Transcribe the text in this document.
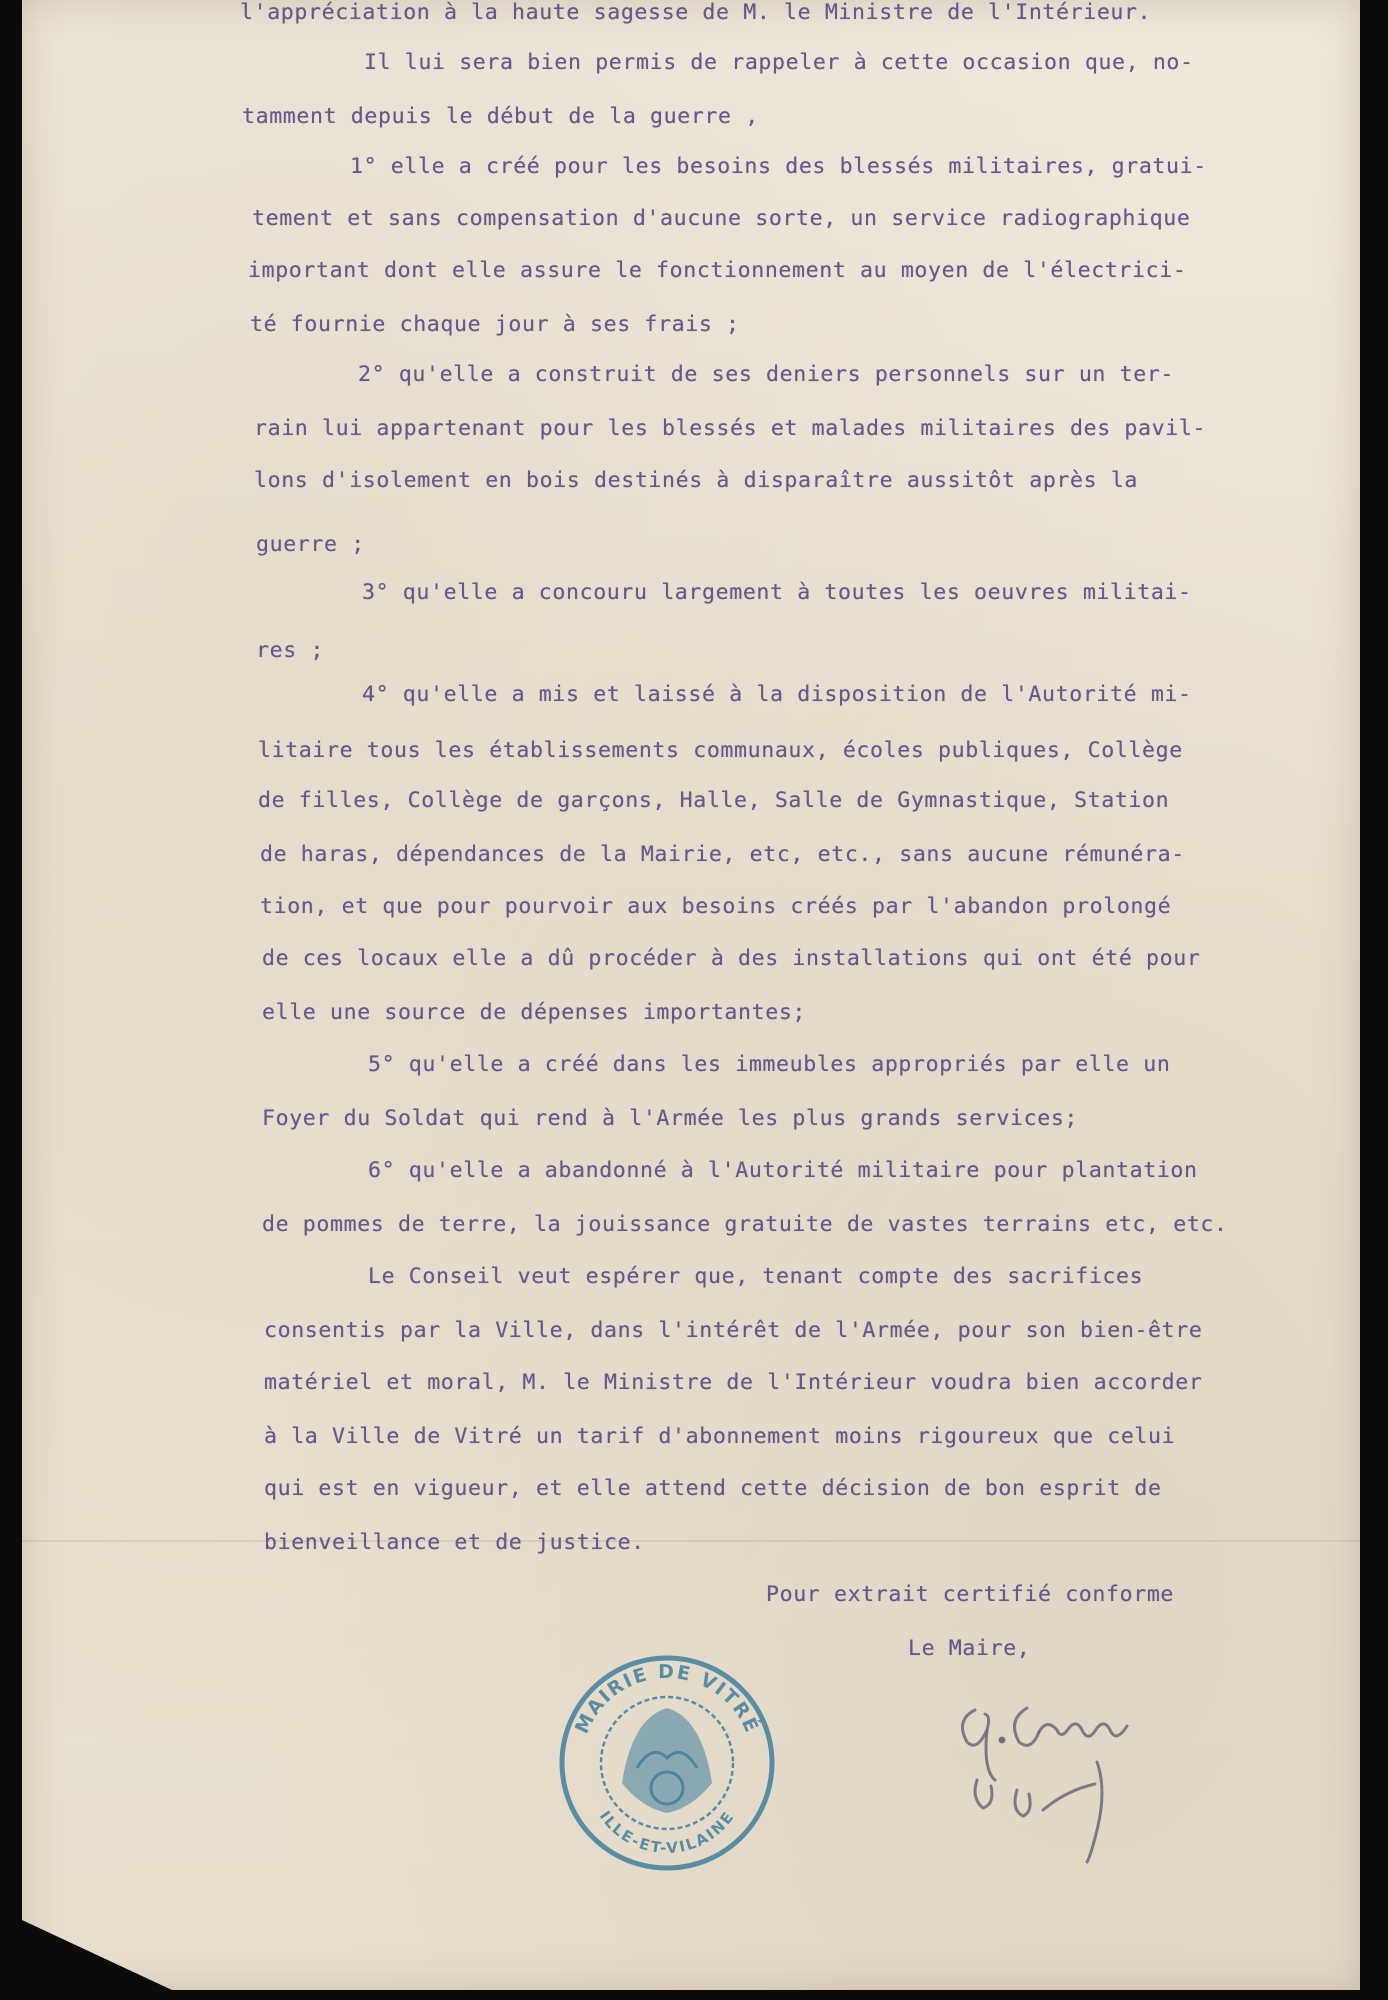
l'appréciation à la haute sagesse de M. le Ministre de l'Intérieur.
Il lui sera bien permis de rappeler à cette occasion que, no-
tamment depuis le début de la guerre ,
1° elle a créé pour les besoins des blessés militaires, gratui-
tement et sans compensation d'aucune sorte, un service radiographique
important dont elle assure le fonctionnement au moyen de l'électrici-
té fournie chaque jour à ses frais ;
2° qu'elle a construit de ses deniers personnels sur un ter-
rain lui appartenant pour les blessés et malades militaires des pavil-
lons d'isolement en bois destinés à disparaître aussitôt après la
guerre ;
3° qu'elle a concouru largement à toutes les oeuvres militai-
res ;
4° qu'elle a mis et laissé à la disposition de l'Autorité mi-
litaire tous les établissements communaux, écoles publiques, Collège
de filles, Collège de garçons, Halle, Salle de Gymnastique, Station
de haras, dépendances de la Mairie, etc, etc., sans aucune rémunéra-
tion, et que pour pourvoir aux besoins créés par l'abandon prolongé
de ces locaux elle a dû procéder à des installations qui ont été pour
elle une source de dépenses importantes;
5° qu'elle a créé dans les immeubles appropriés par elle un
Foyer du Soldat qui rend à l'Armée les plus grands services;
6° qu'elle a abandonné à l'Autorité militaire pour plantation
de pommes de terre, la jouissance gratuite de vastes terrains etc, etc.
Le Conseil veut espérer que, tenant compte des sacrifices
consentis par la Ville, dans l'intérêt de l'Armée, pour son bien-être
matériel et moral, M. le Ministre de l'Intérieur voudra bien accorder
à la Ville de Vitré un tarif d'abonnement moins rigoureux que celui
qui est en vigueur, et elle attend cette décision de bon esprit de
bienveillance et de justice.
Pour extrait certifié conforme
Le Maire,
MAIRIE DE VITRÉ
ILLE-ET-VILAINE
